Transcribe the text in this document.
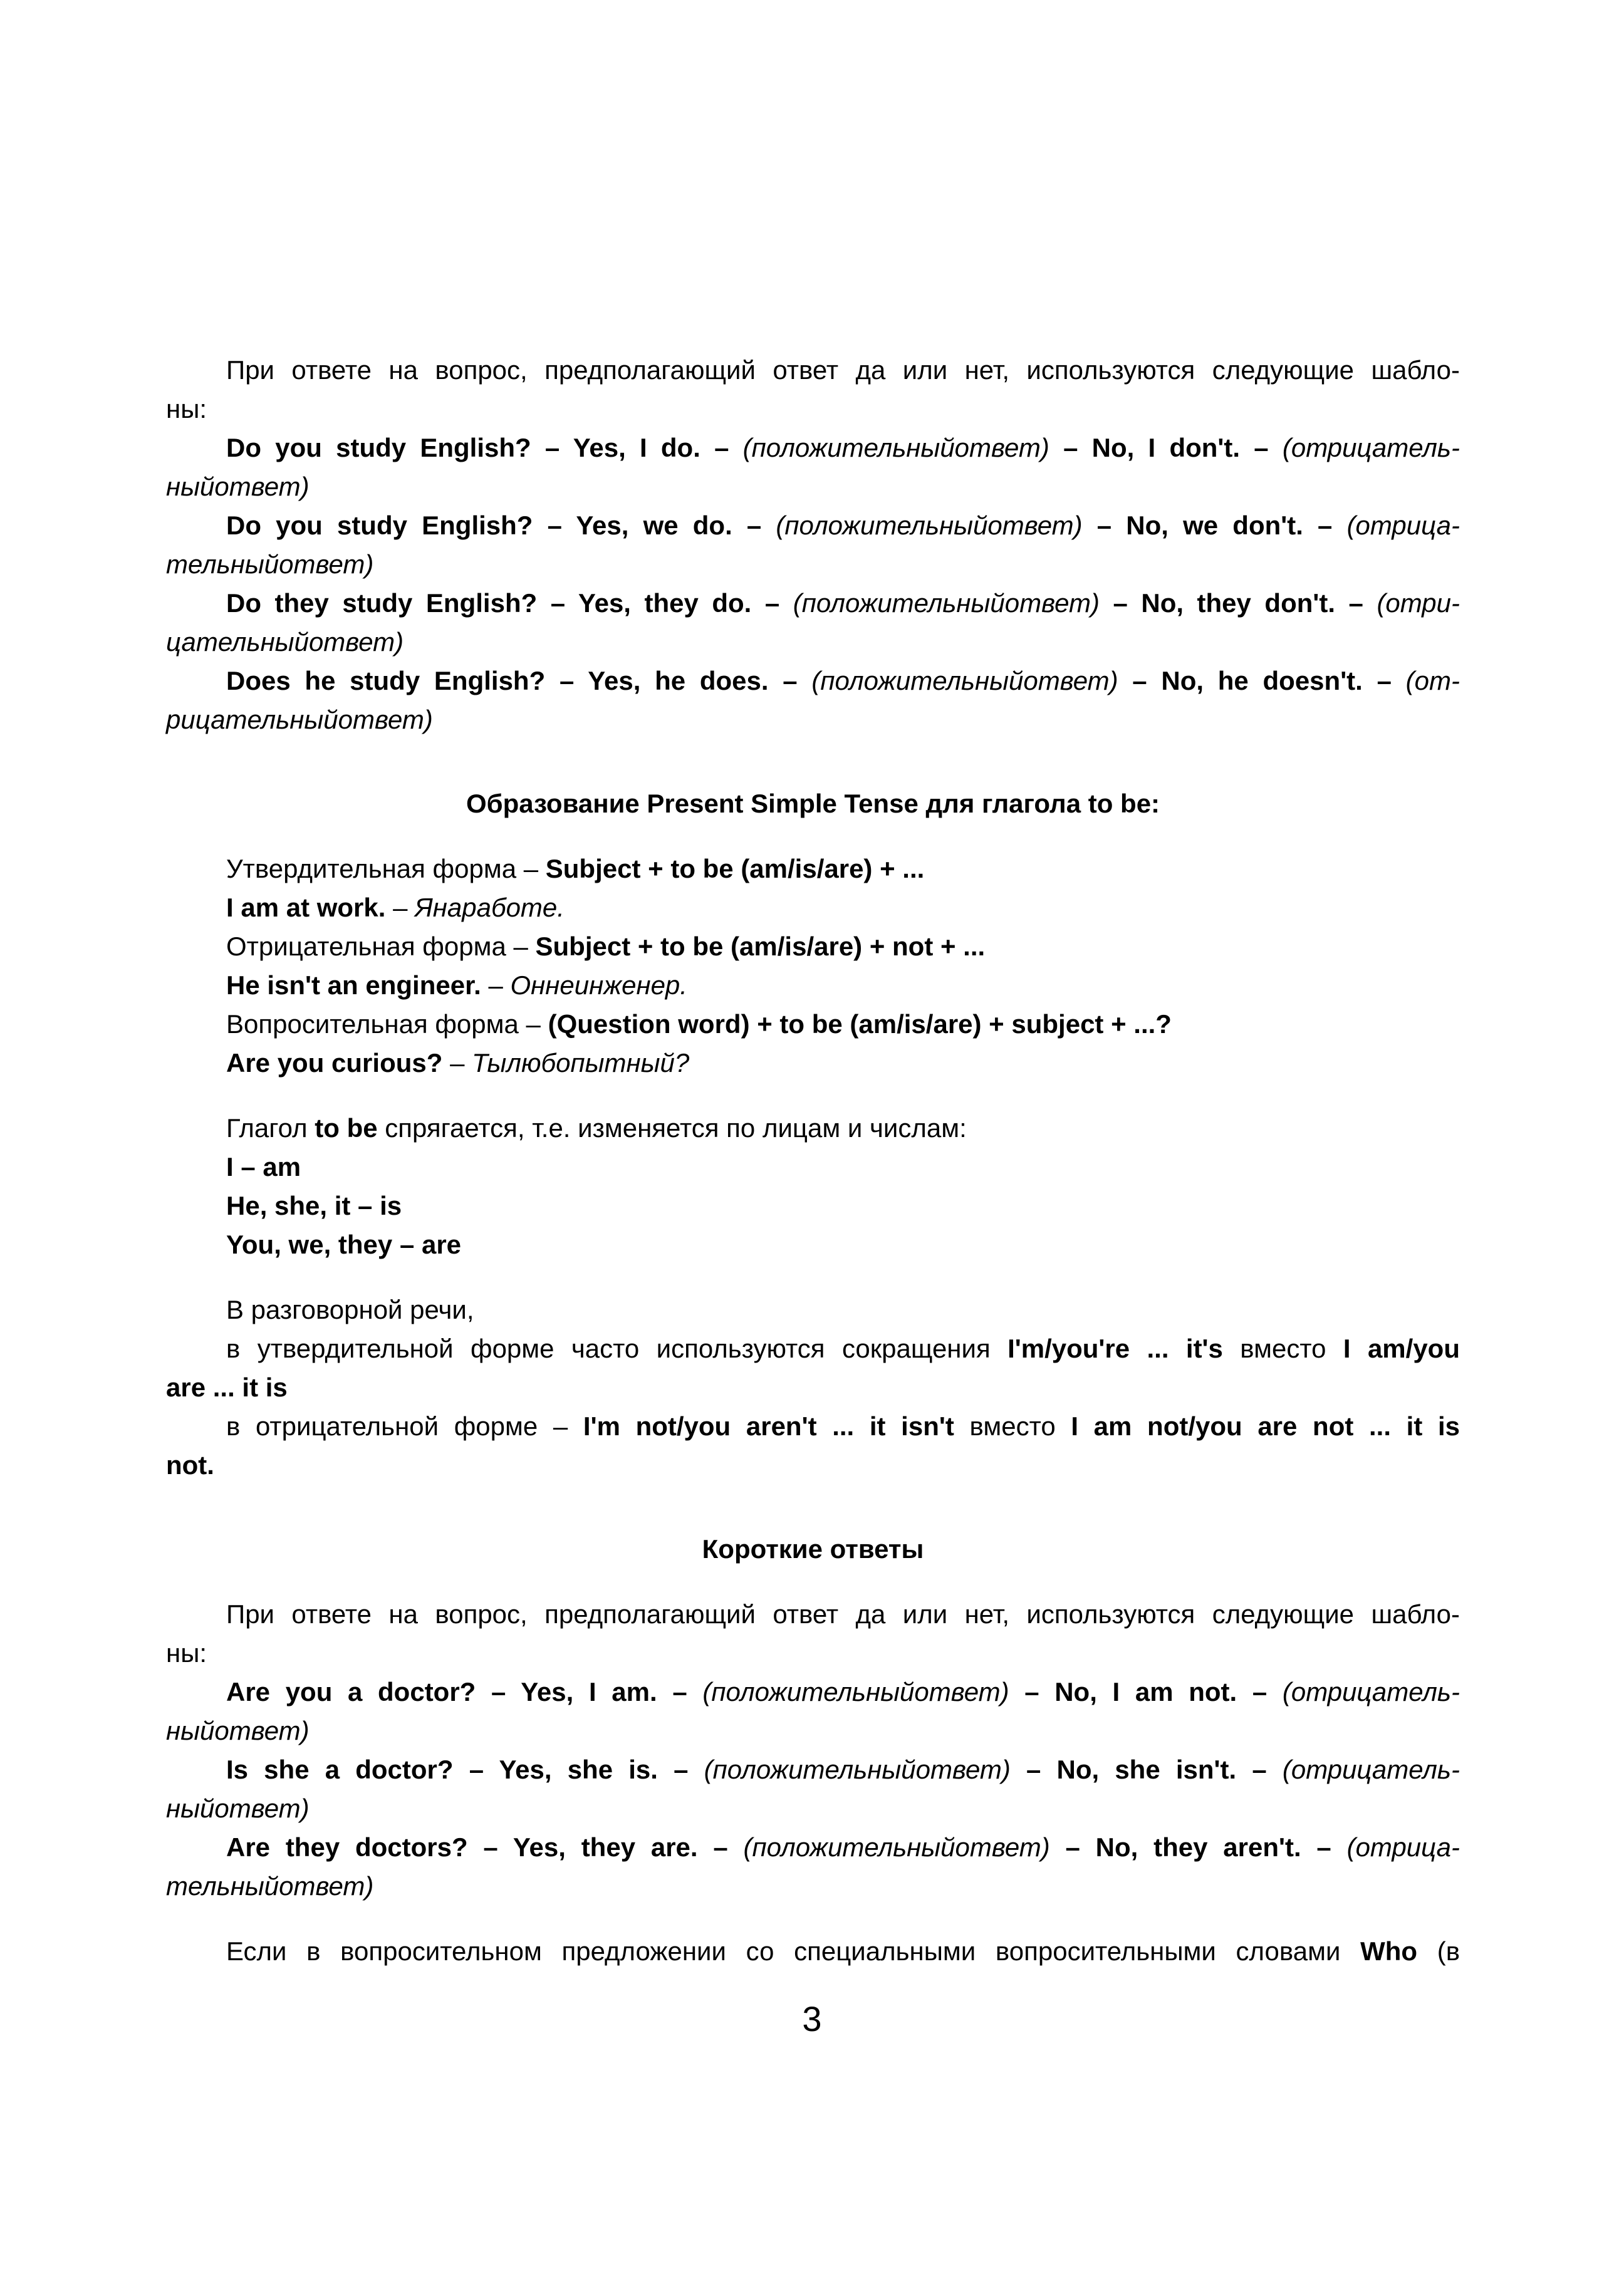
При ответе на вопрос, предполагающий ответ да или нет, используются следующие шабло-
ны:
Do you study English? – Yes, I do. – (положительныйответ) – No, I don't. – (отрицатель-
ныйответ)
Do you study English? – Yes, we do. – (положительныйответ) – No, we don't. – (отрица-
тельныйответ)
Do they study English? – Yes, they do. – (положительныйответ) – No, they don't. – (отри-
цательныйответ)
Does he study English? – Yes, he does. – (положительныйответ) – No, he doesn't. – (от-
рицательныйответ)
Образование Present Simple Tense для глагола to be:
Утвердительная форма – Subject + to be (am/is/are) + ...
I am at work. – Янаработе.
Отрицательная форма – Subject + to be (am/is/are) + not + ...
He isn't an engineer. – Оннеинженер.
Вопросительная форма – (Question word) + to be (am/is/are) + subject + ...?
Are you curious? – Тылюбопытный?
Глагол to be спрягается, т.е. изменяется по лицам и числам:
I – am
He, she, it – is
You, we, they – are
В разговорной речи,
в утвердительной форме часто используются сокращения I'm/you're ... it's вместо I am/you
are ... it is
в отрицательной форме – I'm not/you aren't ... it isn't вместо I am not/you are not ... it is
not.
Короткие ответы
При ответе на вопрос, предполагающий ответ да или нет, используются следующие шабло-
ны:
Are you a doctor? – Yes, I am. – (положительныйответ) – No, I am not. – (отрицатель-
ныйответ)
Is she a doctor? – Yes, she is. – (положительныйответ) – No, she isn't. – (отрицатель-
ныйответ)
Are they doctors? – Yes, they are. – (положительныйответ) – No, they aren't. – (отрица-
тельныйответ)
Если в вопросительном предложении со специальными вопросительными словами Who (в
3
